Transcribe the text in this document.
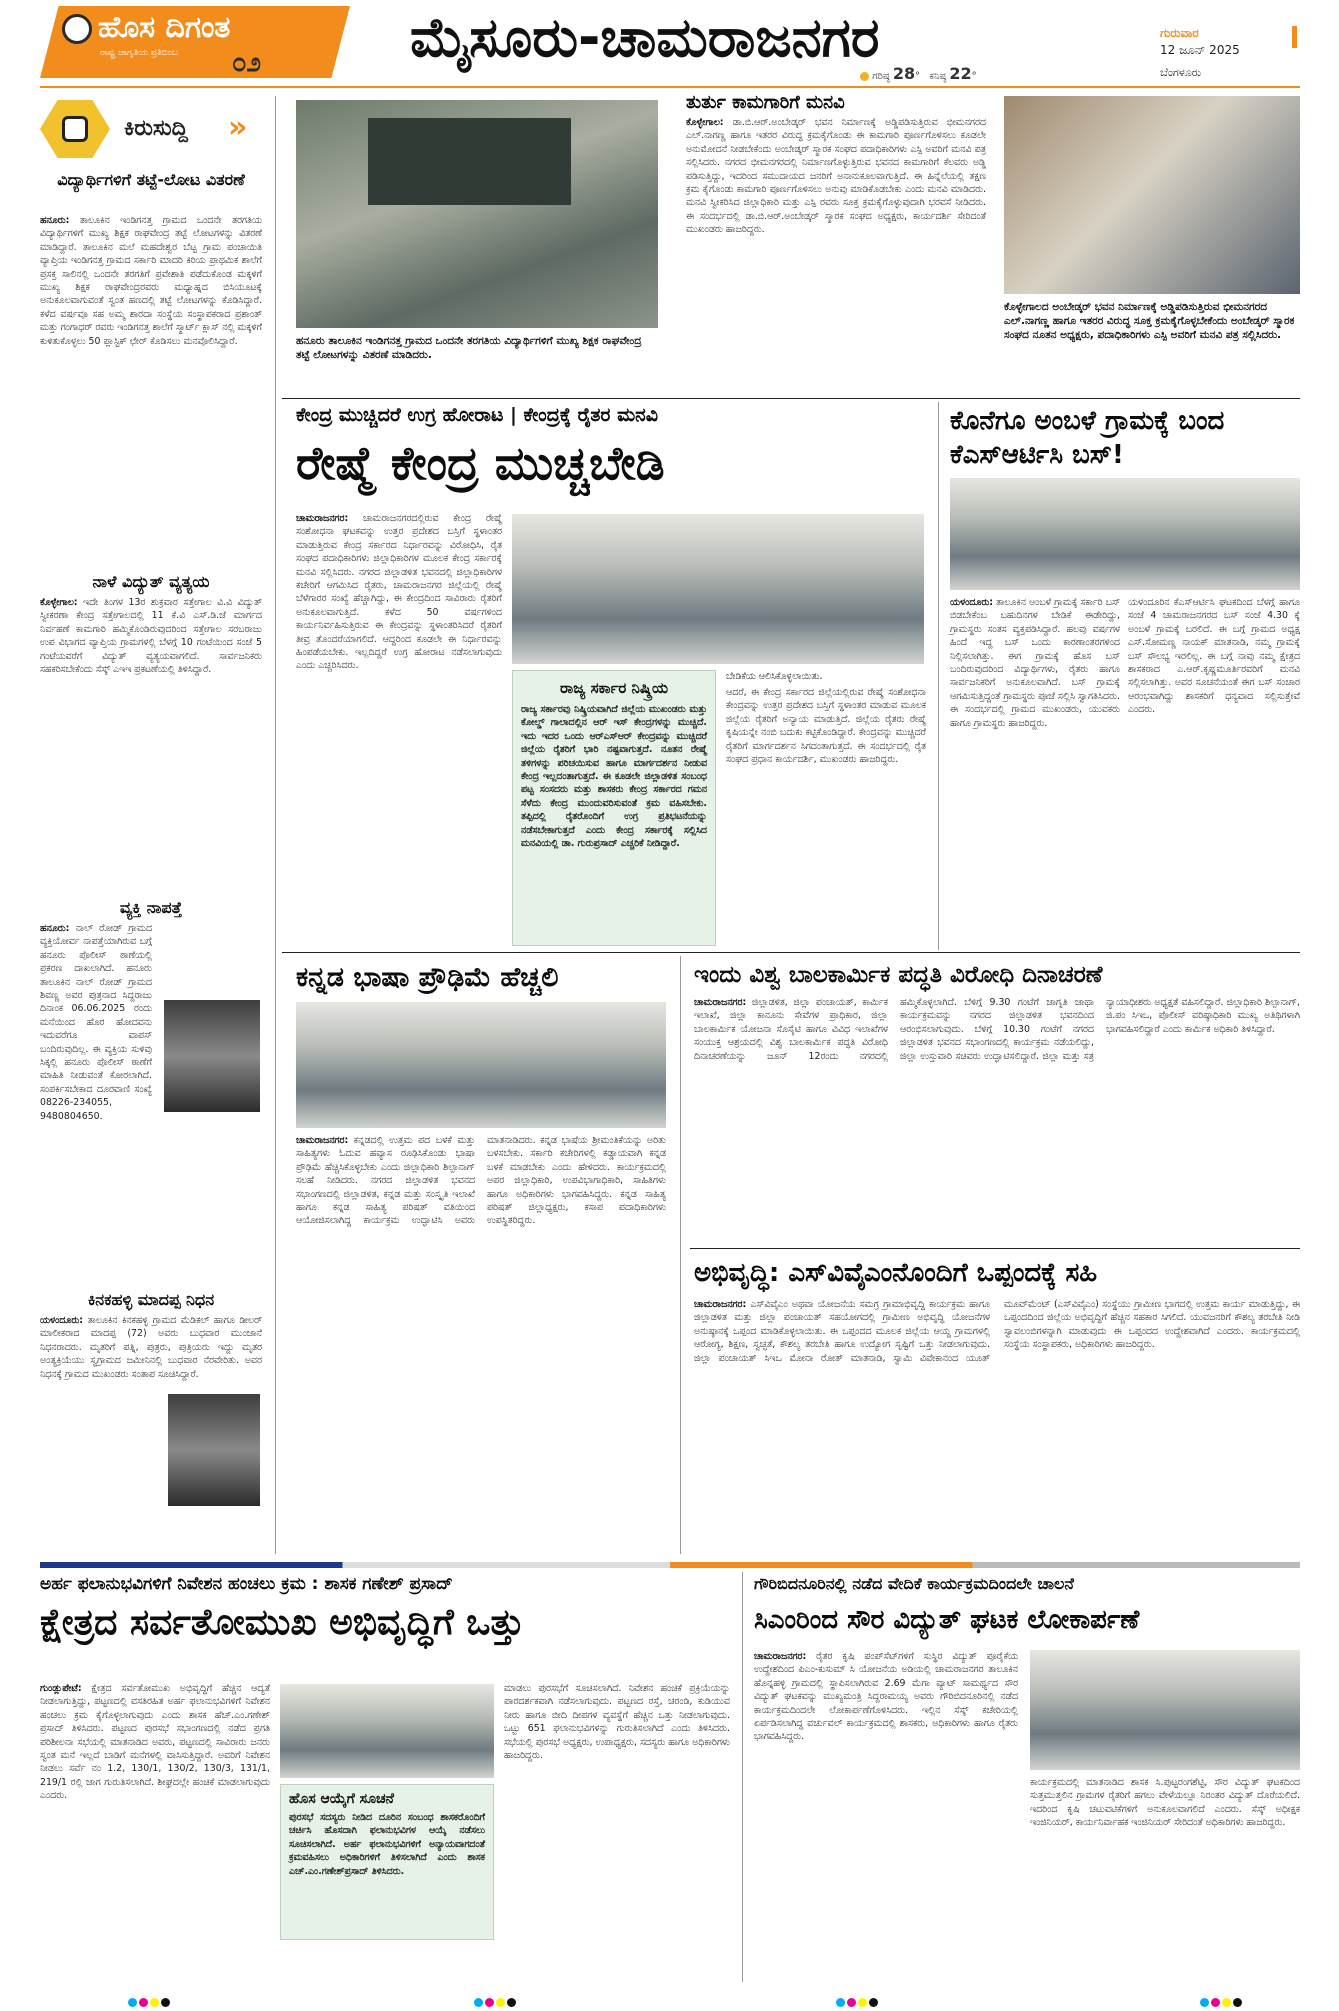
ಹೊಸ ದಿಗಂತ
ರಾಷ್ಟ್ರ ಜಾಗೃತಿಯ ಪ್ರತಿಬಿಂಬ ೦೨	ಮೈಸೂರು-ಚಾಮರಾಜನಗರ	ಗುರುವಾರ
12 ಜೂನ್ 2025
ಬೆಂಗಳೂರು
ಗರಿಷ್ಠ 28° ಕನಿಷ್ಠ 22°
ಕಿರುಸುದ್ದಿ »
ವಿದ್ಯಾರ್ಥಿಗಳಿಗೆ ತಟ್ಟೆ-ಲೋಟ ವಿತರಣೆ
ಹನೂರು: ತಾಲೂಕಿನ ಇಂಡಿಗನತ್ತ ಗ್ರಾಮದ ಒಂದನೇ ತರಗತಿಯ ವಿದ್ಯಾರ್ಥಿಗಳಿಗೆ ಮುಖ್ಯ ಶಿಕ್ಷಕ ರಾಘವೇಂದ್ರ ತಟ್ಟೆ ಲೋಟಗಳನ್ನು ವಿತರಣೆ ಮಾಡಿದ್ದಾರೆ. ತಾಲೂಕಿನ ಮಲೆ ಮಹದೇಶ್ವರ ಬೆಟ್ಟ ಗ್ರಾಮ ಪಂಚಾಯಿತಿ ವ್ಯಾಪ್ತಿಯ ಇಂಡಿಗನತ್ತ ಗ್ರಾಮದ ಸರ್ಕಾರಿ ಮಾದರಿ ಕಿರಿಯ ಪ್ರಾಥಮಿಕ ಶಾಲೆಗೆ ಪ್ರಸಕ್ತ ಸಾಲಿನಲ್ಲಿ ಒಂದನೇ ತರಗತಿಗೆ ಪ್ರವೇಶಾತಿ ಪಡೆದುಕೊಂಡ ಮಕ್ಕಳಿಗೆ ಮುಖ್ಯ ಶಿಕ್ಷಕ ರಾಘವೇಂದ್ರರವರು ಮಧ್ಯಾಹ್ನದ ಬಿಸಿಯೂಟಕ್ಕೆ ಅನುಕೂಲವಾಗುವಂತೆ ಸ್ವಂತ ಹಣದಲ್ಲಿ ತಟ್ಟೆ ಲೋಟಗಳನ್ನು ಕೊಡಿಸಿದ್ದಾರೆ. ಕಳೆದ ವರ್ಷವೂ ಸಹ ಅಮ್ಮ ಶಾರದಾ ಸಂಸ್ಥೆಯ ಸಂಸ್ಥಾಪಕರಾದ ಪ್ರಶಾಂತ್ ಮತ್ತು ಗಂಗಾಧರ್ ರವರು ಇಂಡಿಗನತ್ತ ಶಾಲೆಗೆ ಸ್ಮಾರ್ಟ್ ಕ್ಲಾಸ್ ನಲ್ಲಿ ಮಕ್ಕಳಿಗೆ ಕುಳಿತುಕೊಳ್ಳಲು 50 ಪ್ಲಾಸ್ಟಿಕ್ ಛೇರ್ ಕೊಡಿಸಲು ಮನವೊಲಿಸಿದ್ದಾರೆ.
ನಾಳೆ ವಿದ್ಯುತ್ ವ್ಯತ್ಯಯ
ಕೊಳ್ಳೇಗಾಲ: ಇದೇ ತಿಂಗಳ 13ರ ಶುಕ್ರವಾರ ಸತ್ತೇಗಾಲ ವಿ.ವಿ ವಿದ್ಯುತ್ ಸ್ವೀಕರಣಾ ಕೇಂದ್ರ ಸತ್ತೇಗಾಲದಲ್ಲಿ 11 ಕೆ.ವಿ ಎಸ್.ಡಿ.ಜೆ ಮಾರ್ಗದ ನಿರ್ವಹಣೆ ಕಾಮಗಾರಿ ಹಮ್ಮಿಕೊಂಡಿರುವುದರಿಂದ ಸತ್ತೇಗಾಲ ಸರಬರಾಜು ಉಪ ವಿಭಾಗದ ವ್ಯಾಪ್ತಿಯ ಗ್ರಾಮಗಳಲ್ಲಿ ಬೆಳಗ್ಗೆ 10 ಗಂಟೆಯಿಂದ ಸಂಜೆ 5 ಗಂಟೆಯವರೆಗೆ ವಿದ್ಯುತ್ ವ್ಯತ್ಯಯವಾಗಲಿದೆ. ಸಾರ್ವಜನಿಕರು ಸಹಕರಿಸಬೇಕೆಂದು ಸೆಸ್ಕ್ ಎಇಇ ಪ್ರಕಟಣೆಯಲ್ಲಿ ತಿಳಿಸಿದ್ದಾರೆ.
ವ್ಯಕ್ತಿ ನಾಪತ್ತೆ
ಹನೂರು: ನಾಲ್ ರೋಡ್ ಗ್ರಾಮದ ವ್ಯಕ್ತಿಯೋರ್ವ ನಾಪತ್ತೆಯಾಗಿರುವ ಬಗ್ಗೆ ಹನೂರು ಪೊಲೀಸ್ ಠಾಣೆಯಲ್ಲಿ ಪ್ರಕರಣ ದಾಖಲಾಗಿದೆ. ಹನೂರು ತಾಲೂಕಿನ ನಾಲ್ ರೋಡ್ ಗ್ರಾಮದ ಶಿವಣ್ಣ ಅವರ ಪುತ್ರನಾದ ಸಿದ್ದರಾಜು ದಿನಾಂಕ 06.06.2025 ರಂದು ಮನೆಯಿಂದ ಹೊರ ಹೋದವನು ಇದುವರೆಗೂ ವಾಪಸ್ ಬಂದಿರುವುದಿಲ್ಲ. ಈ ವ್ಯಕ್ತಿಯ ಸುಳಿವು ಸಿಕ್ಕಲ್ಲಿ ಹನೂರು ಪೊಲೀಸ್ ಠಾಣೆಗೆ ಮಾಹಿತಿ ನೀಡುವಂತೆ ಕೋರಲಾಗಿದೆ. ಸಂಪರ್ಕಿಸಬೇಕಾದ ದೂರವಾಣಿ ಸಂಖ್ಯೆ 08226-234055, 9480804650.
ಕಿನಕಹಳ್ಳಿ ಮಾದಪ್ಪ ನಿಧನ
ಯಳಂದೂರು: ತಾಲೂಕಿನ ಕಿನಕಹಳ್ಳಿ ಗ್ರಾಮದ ಮೆಡಿಕಲ್ ಹಾಗೂ ಡೀಲರ್ ಮಾಲೀಕರಾದ ಮಾದಪ್ಪ (72) ಅವರು ಬುಧವಾರ ಮುಂಜಾನೆ ನಿಧನರಾದರು. ಮೃತರಿಗೆ ಪತ್ನಿ, ಪುತ್ರರು, ಪುತ್ರಿಯರು ಇದ್ದು ಮೃತರ ಅಂತ್ಯಕ್ರಿಯೆಯು ಸ್ವಗ್ರಾಮದ ಜಮೀನಿನಲ್ಲಿ ಬುಧವಾರ ನೆರವೇರಿತು. ಅವರ ನಿಧನಕ್ಕೆ ಗ್ರಾಮದ ಮುಖಂಡರು ಸಂತಾಪ ಸೂಚಿಸಿದ್ದಾರೆ.
ಹನೂರು ತಾಲೂಕಿನ ಇಂಡಿಗನತ್ತ ಗ್ರಾಮದ ಒಂದನೇ ತರಗತಿಯ ವಿದ್ಯಾರ್ಥಿಗಳಿಗೆ ಮುಖ್ಯ ಶಿಕ್ಷಕ ರಾಘವೇಂದ್ರ ತಟ್ಟೆ ಲೋಟಗಳನ್ನು ವಿತರಣೆ ಮಾಡಿದರು.
ತುರ್ತು ಕಾಮಗಾರಿಗೆ ಮನವಿ
ಕೊಳ್ಳೇಗಾಲ: ಡಾ.ಬಿ.ಆರ್.ಅಂಬೇಡ್ಕರ್ ಭವನ ನಿರ್ಮಾಣಕ್ಕೆ ಅಡ್ಡಿಪಡಿಸುತ್ತಿರುವ ಭೀಮನಗರದ ಎಲ್.ನಾಗಣ್ಣ ಹಾಗೂ ಇತರರ ವಿರುದ್ಧ ಕ್ರಮಕೈಗೊಂಡು ಈ ಕಾಮಗಾರಿ ಪೂರ್ಣಗೊಳಿಸಲು ಕೂಡಲೇ ಅನುಮೋದನೆ ನೀಡಬೇಕೆಂದು ಅಂಬೇಡ್ಕರ್ ಸ್ಮಾರಕ ಸಂಘದ ಪದಾಧಿಕಾರಿಗಳು ಎಸ್ಪಿ ಅವರಿಗೆ ಮನವಿ ಪತ್ರ ಸಲ್ಲಿಸಿದರು. ನಗರದ ಭೀಮನಗರದಲ್ಲಿ ನಿರ್ಮಾಣಗೊಳ್ಳುತ್ತಿರುವ ಭವನದ ಕಾಮಗಾರಿಗೆ ಕೆಲವರು ಅಡ್ಡಿ ಪಡಿಸುತ್ತಿದ್ದು, ಇದರಿಂದ ಸಮುದಾಯದ ಜನರಿಗೆ ಅನಾನುಕೂಲವಾಗುತ್ತಿದೆ. ಈ ಹಿನ್ನೆಲೆಯಲ್ಲಿ ತಕ್ಷಣ ಕ್ರಮ ಕೈಗೊಂಡು ಕಾಮಗಾರಿ ಪೂರ್ಣಗೊಳಿಸಲು ಅನುವು ಮಾಡಿಕೊಡಬೇಕು ಎಂದು ಮನವಿ ಮಾಡಿದರು. ಮನವಿ ಸ್ವೀಕರಿಸಿದ ಜಿಲ್ಲಾಧಿಕಾರಿ ಮತ್ತು ಎಸ್ಪಿ ರವರು ಸೂಕ್ತ ಕ್ರಮಕೈಗೊಳ್ಳುವುದಾಗಿ ಭರವಸೆ ನೀಡಿದರು. ಈ ಸಂದರ್ಭದಲ್ಲಿ ಡಾ.ಬಿ.ಆರ್.ಅಂಬೇಡ್ಕರ್ ಸ್ಮಾರಕ ಸಂಘದ ಅಧ್ಯಕ್ಷರು, ಕಾರ್ಯದರ್ಶಿ ಸೇರಿದಂತೆ ಮುಖಂಡರು ಹಾಜರಿದ್ದರು.
ಕೊಳ್ಳೇಗಾಲದ ಅಂಬೇಡ್ಕರ್ ಭವನ ನಿರ್ಮಾಣಕ್ಕೆ ಅಡ್ಡಿಪಡಿಸುತ್ತಿರುವ ಭೀಮನಗರದ ಎಲ್.ನಾಗಣ್ಣ ಹಾಗೂ ಇತರರ ವಿರುದ್ಧ ಸೂಕ್ತ ಕ್ರಮಕೈಗೊಳ್ಳಬೇಕೆಂದು ಅಂಬೇಡ್ಕರ್ ಸ್ಮಾರಕ ಸಂಘದ ನೂತನ ಅಧ್ಯಕ್ಷರು, ಪದಾಧಿಕಾರಿಗಳು ಎಸ್ಪಿ ಅವರಿಗೆ ಮನವಿ ಪತ್ರ ಸಲ್ಲಿಸಿದರು.
ಕೇಂದ್ರ ಮುಚ್ಚಿದರೆ ಉಗ್ರ ಹೋರಾಟ | ಕೇಂದ್ರಕ್ಕೆ ರೈತರ ಮನವಿ
ರೇಷ್ಮೆ ಕೇಂದ್ರ ಮುಚ್ಚಬೇಡಿ
ಚಾಮರಾಜನಗರ: ಚಾಮರಾಜನಗರದಲ್ಲಿರುವ ಕೇಂದ್ರ ರೇಷ್ಮೆ ಸಂಶೋಧನಾ ಘಟಕವನ್ನು ಉತ್ತರ ಪ್ರದೇಶದ ಬಸ್ತಿಗೆ ಸ್ಥಳಾಂತರ ಮಾಡುತ್ತಿರುವ ಕೇಂದ್ರ ಸರ್ಕಾರದ ನಿರ್ಧಾರವನ್ನು ವಿರೋಧಿಸಿ, ರೈತ ಸಂಘದ ಪದಾಧಿಕಾರಿಗಳು ಜಿಲ್ಲಾಧಿಕಾರಿಗಳ ಮೂಲಕ ಕೇಂದ್ರ ಸರ್ಕಾರಕ್ಕೆ ಮನವಿ ಸಲ್ಲಿಸಿದರು. ನಗರದ ಜಿಲ್ಲಾಡಳಿತ ಭವನದಲ್ಲಿ ಜಿಲ್ಲಾಧಿಕಾರಿಗಳ ಕಚೇರಿಗೆ ಆಗಮಿಸಿದ ರೈತರು, ಚಾಮರಾಜನಗರ ಜಿಲ್ಲೆಯಲ್ಲಿ ರೇಷ್ಮೆ ಬೆಳೆಗಾರರ ಸಂಖ್ಯೆ ಹೆಚ್ಚಾಗಿದ್ದು, ಈ ಕೇಂದ್ರದಿಂದ ಸಾವಿರಾರು ರೈತರಿಗೆ ಅನುಕೂಲವಾಗುತ್ತಿದೆ. ಕಳೆದ 50 ವರ್ಷಗಳಿಂದ ಕಾರ್ಯನಿರ್ವಹಿಸುತ್ತಿರುವ ಈ ಕೇಂದ್ರವನ್ನು ಸ್ಥಳಾಂತರಿಸಿದರೆ ರೈತರಿಗೆ ತೀವ್ರ ತೊಂದರೆಯಾಗಲಿದೆ. ಆದ್ದರಿಂದ ಕೂಡಲೇ ಈ ನಿರ್ಧಾರವನ್ನು ಹಿಂಪಡೆಯಬೇಕು. ಇಲ್ಲದಿದ್ದರೆ ಉಗ್ರ ಹೋರಾಟ ನಡೆಸಲಾಗುವುದು ಎಂದು ಎಚ್ಚರಿಸಿದರು.
ಬೇಡಿಕೆಯ ಆಲಿಸಿಕೊಳ್ಳಲಾಯಿತು.
ರಾಜ್ಯ ಸರ್ಕಾರ ನಿಷ್ಕ್ರಿಯ
ರಾಜ್ಯ ಸರ್ಕಾರವು ನಿಷ್ಕ್ರಿಯವಾಗಿದೆ ಜಿಲ್ಲೆಯ ಮುಖಂಡರು ಮತ್ತು ಕೋಲ್ಡ್ ಗಾಲಾದಲ್ಲಿನ ಆರ್ ಇಸ್ ಕೇಂದ್ರಗಳನ್ನು ಮುಚ್ಚಿದೆ. ಇದು ಇದರ ಒಂದು ಆರ್‌ಎಸ್‌ಆರ್ ಕೇಂದ್ರವನ್ನು ಮುಚ್ಚಿದರೆ ಜಿಲ್ಲೆಯ ರೈತರಿಗೆ ಭಾರಿ ನಷ್ಟವಾಗುತ್ತದೆ. ನೂತನ ರೇಷ್ಮೆ ತಳಿಗಳನ್ನು ಪರಿಚಯಿಸುವ ಹಾಗೂ ಮಾರ್ಗದರ್ಶನ ನೀಡುವ ಕೇಂದ್ರ ಇಲ್ಲದಂತಾಗುತ್ತದೆ. ಈ ಕೂಡಲೇ ಜಿಲ್ಲಾಡಳಿತ ಸಂಬಂಧ ಪಟ್ಟ ಸಂಸದರು ಮತ್ತು ಶಾಸಕರು ಕೇಂದ್ರ ಸರ್ಕಾರದ ಗಮನ ಸೆಳೆದು ಕೇಂದ್ರ ಮುಂದುವರಿಸುವಂತೆ ಕ್ರಮ ವಹಿಸಬೇಕು. ತಪ್ಪಿದಲ್ಲಿ ರೈತರೊಂದಿಗೆ ಉಗ್ರ ಪ್ರತಿಭಟನೆಯನ್ನು ನಡೆಸಬೇಕಾಗುತ್ತದೆ ಎಂದು ಕೇಂದ್ರ ಸರ್ಕಾರಕ್ಕೆ ಸಲ್ಲಿಸಿದ ಮನವಿಯಲ್ಲಿ ಡಾ. ಗುರುಪ್ರಸಾದ್ ಎಚ್ಚರಿಕೆ ನೀಡಿದ್ದಾರೆ.
ಆದರೆ, ಈ ಕೇಂದ್ರ ಸರ್ಕಾರದ ಜಿಲ್ಲೆಯಲ್ಲಿರುವ ರೇಷ್ಮೆ ಸಂಶೋಧನಾ ಕೇಂದ್ರವನ್ನು ಉತ್ತರ ಪ್ರದೇಶದ ಬಸ್ತಿಗೆ ಸ್ಥಳಾಂತರ ಮಾಡುವ ಮೂಲಕ ಜಿಲ್ಲೆಯ ರೈತರಿಗೆ ಅನ್ಯಾಯ ಮಾಡುತ್ತಿದೆ. ಜಿಲ್ಲೆಯ ರೈತರು ರೇಷ್ಮೆ ಕೃಷಿಯನ್ನೇ ನಂಬಿ ಬದುಕು ಕಟ್ಟಿಕೊಂಡಿದ್ದಾರೆ. ಕೇಂದ್ರವನ್ನು ಮುಚ್ಚಿದರೆ ರೈತರಿಗೆ ಮಾರ್ಗದರ್ಶನ ಸಿಗದಂತಾಗುತ್ತದೆ. ಈ ಸಂದರ್ಭದಲ್ಲಿ ರೈತ ಸಂಘದ ಪ್ರಧಾನ ಕಾರ್ಯದರ್ಶಿ, ಮುಖಂಡರು ಹಾಜರಿದ್ದರು.
ಕೊನೆಗೂ ಅಂಬಳೆ ಗ್ರಾಮಕ್ಕೆ ಬಂದ ಕೆಎಸ್ಆರ್ಟಿಸಿ ಬಸ್!
ಯಳಂದೂರು: ತಾಲೂಕಿನ ಅಂಬಳೆ ಗ್ರಾಮಕ್ಕೆ ಸರ್ಕಾರಿ ಬಸ್ ಬಿಡಬೇಕೆಂಬ ಬಹುದಿನಗಳ ಬೇಡಿಕೆ ಈಡೇರಿದ್ದು, ಗ್ರಾಮಸ್ಥರು ಸಂತಸ ವ್ಯಕ್ತಪಡಿಸಿದ್ದಾರೆ. ಹಲವು ವರ್ಷಗಳ ಹಿಂದೆ ಇದ್ದ ಬಸ್ ಒಂದು ಕಾರಣಾಂತರಗಳಿಂದ ನಿಲ್ಲಿಸಲಾಗಿತ್ತು. ಈಗ ಗ್ರಾಮಕ್ಕೆ ಹೊಸ ಬಸ್ ಬಂದಿರುವುದರಿಂದ ವಿದ್ಯಾರ್ಥಿಗಳು, ರೈತರು ಹಾಗೂ ಸಾರ್ವಜನಿಕರಿಗೆ ಅನುಕೂಲವಾಗಿದೆ. ಬಸ್ ಗ್ರಾಮಕ್ಕೆ ಆಗಮಿಸುತ್ತಿದ್ದಂತೆ ಗ್ರಾಮಸ್ಥರು ಪೂಜೆ ಸಲ್ಲಿಸಿ ಸ್ವಾಗತಿಸಿದರು. ಈ ಸಂದರ್ಭದಲ್ಲಿ ಗ್ರಾಮದ ಮುಖಂಡರು, ಯುವಕರು ಹಾಗೂ ಗ್ರಾಮಸ್ಥರು ಹಾಜರಿದ್ದರು.
ಯಳಂದೂರಿನ ಕೆಎಸ್ಆರ್ಟಿಸಿ ಘಟಕದಿಂದ ಬೆಳಗ್ಗೆ ಹಾಗೂ ಸಂಜೆ 4 ಚಾಮರಾಜನಗರದ ಬಸ್ ಸಂಜೆ 4.30 ಕ್ಕೆ ಅಂಬಳೆ ಗ್ರಾಮಕ್ಕೆ ಬರಲಿದೆ. ಈ ಬಗ್ಗೆ ಗ್ರಾಮದ ಅಧ್ಯಕ್ಷ ಎಸ್.ಸೋಮಣ್ಣ ನಾಯಕ್ ಮಾತನಾಡಿ, ನಮ್ಮ ಗ್ರಾಮಕ್ಕೆ ಬಸ್ ಸೌಲಭ್ಯ ಇರಲಿಲ್ಲ. ಈ ಬಗ್ಗೆ ನಾವು ನಮ್ಮ ಕ್ಷೇತ್ರದ ಶಾಸಕರಾದ ಎ.ಆರ್.ಕೃಷ್ಣಮೂರ್ತಿರವರಿಗೆ ಮನವಿ ಸಲ್ಲಿಸಲಾಗಿತ್ತು. ಅವರ ಸೂಚನೆಯಂತೆ ಈಗ ಬಸ್ ಸಂಚಾರ ಆರಂಭವಾಗಿದ್ದು ಶಾಸಕರಿಗೆ ಧನ್ಯವಾದ ಸಲ್ಲಿಸುತ್ತೇವೆ ಎಂದರು.
ಕನ್ನಡ ಭಾಷಾ ಪ್ರೌಢಿಮೆ ಹೆಚ್ಚಲಿ
ಚಾಮರಾಜನಗರ: ಕನ್ನಡದಲ್ಲಿ ಉತ್ತಮ ಪದ ಬಳಕೆ ಮತ್ತು ಸಾಹಿತ್ಯಗಳು ಓದುವ ಹವ್ಯಾಸ ರೂಢಿಸಿಕೊಂಡು ಭಾಷಾ ಪ್ರೌಢಿಮೆ ಹೆಚ್ಚಿಸಿಕೊಳ್ಳಬೇಕು ಎಂದು ಜಿಲ್ಲಾಧಿಕಾರಿ ಶಿಲ್ಪಾನಾಗ್ ಸಲಹೆ ನೀಡಿದರು. ನಗರದ ಜಿಲ್ಲಾಡಳಿತ ಭವನದ ಸಭಾಂಗಣದಲ್ಲಿ ಜಿಲ್ಲಾಡಳಿತ, ಕನ್ನಡ ಮತ್ತು ಸಂಸ್ಕೃತಿ ಇಲಾಖೆ ಹಾಗೂ ಕನ್ನಡ ಸಾಹಿತ್ಯ ಪರಿಷತ್ ವತಿಯಿಂದ ಆಯೋಜಿಸಲಾಗಿದ್ದ ಕಾರ್ಯಕ್ರಮ ಉದ್ಘಾಟಿಸಿ ಅವರು ಮಾತನಾಡಿದರು. ಕನ್ನಡ ಭಾಷೆಯ ಶ್ರೀಮಂತಿಕೆಯನ್ನು ಅರಿತು ಬಳಸಬೇಕು. ಸರ್ಕಾರಿ ಕಚೇರಿಗಳಲ್ಲಿ ಕಡ್ಡಾಯವಾಗಿ ಕನ್ನಡ ಬಳಕೆ ಮಾಡಬೇಕು ಎಂದು ಹೇಳಿದರು. ಕಾರ್ಯಕ್ರಮದಲ್ಲಿ ಅಪರ ಜಿಲ್ಲಾಧಿಕಾರಿ, ಉಪವಿಭಾಗಾಧಿಕಾರಿ, ಸಾಹಿತಿಗಳು ಹಾಗೂ ಅಧಿಕಾರಿಗಳು ಭಾಗವಹಿಸಿದ್ದರು. ಕನ್ನಡ ಸಾಹಿತ್ಯ ಪರಿಷತ್ ಜಿಲ್ಲಾಧ್ಯಕ್ಷರು, ಕಸಾಪ ಪದಾಧಿಕಾರಿಗಳು ಉಪಸ್ಥಿತರಿದ್ದರು.
ಇಂದು ವಿಶ್ವ ಬಾಲಕಾರ್ಮಿಕ ಪದ್ಧತಿ ವಿರೋಧಿ ದಿನಾಚರಣೆ
ಚಾಮರಾಜನಗರ: ಜಿಲ್ಲಾಡಳಿತ, ಜಿಲ್ಲಾ ಪಂಚಾಯತ್, ಕಾರ್ಮಿಕ ಇಲಾಖೆ, ಜಿಲ್ಲಾ ಕಾನೂನು ಸೇವೆಗಳ ಪ್ರಾಧಿಕಾರ, ಜಿಲ್ಲಾ ಬಾಲಕಾರ್ಮಿಕ ಯೋಜನಾ ಸೊಸೈಟಿ ಹಾಗೂ ವಿವಿಧ ಇಲಾಖೆಗಳ ಸಂಯುಕ್ತ ಆಶ್ರಯದಲ್ಲಿ ವಿಶ್ವ ಬಾಲಕಾರ್ಮಿಕ ಪದ್ಧತಿ ವಿರೋಧಿ ದಿನಾಚರಣೆಯನ್ನು ಜೂನ್ 12ರಂದು ನಗರದಲ್ಲಿ ಹಮ್ಮಿಕೊಳ್ಳಲಾಗಿದೆ. ಬೆಳಿಗ್ಗೆ 9.30 ಗಂಟೆಗೆ ಜಾಗೃತಿ ಜಾಥಾ ಕಾರ್ಯಕ್ರಮವನ್ನು ನಗರದ ಜಿಲ್ಲಾಡಳಿತ ಭವನದಿಂದ ಆರಂಭಿಸಲಾಗುವುದು. ಬೆಳಿಗ್ಗೆ 10.30 ಗಂಟೆಗೆ ನಗರದ ಜಿಲ್ಲಾಡಳಿತ ಭವನದ ಸಭಾಂಗಣದಲ್ಲಿ ಕಾರ್ಯಕ್ರಮ ನಡೆಯಲಿದ್ದು, ಜಿಲ್ಲಾ ಉಸ್ತುವಾರಿ ಸಚಿವರು ಉದ್ಘಾಟಿಸಲಿದ್ದಾರೆ. ಜಿಲ್ಲಾ ಮತ್ತು ಸತ್ರ ನ್ಯಾಯಾಧೀಶರು ಅಧ್ಯಕ್ಷತೆ ವಹಿಸಲಿದ್ದಾರೆ. ಜಿಲ್ಲಾಧಿಕಾರಿ ಶಿಲ್ಪಾನಾಗ್, ಜಿ.ಪಂ ಸಿಇಒ, ಪೊಲೀಸ್ ವರಿಷ್ಠಾಧಿಕಾರಿ ಮುಖ್ಯ ಅತಿಥಿಗಳಾಗಿ ಭಾಗವಹಿಸಲಿದ್ದಾರೆ ಎಂದು ಕಾರ್ಮಿಕ ಅಧಿಕಾರಿ ತಿಳಿಸಿದ್ದಾರೆ.
ಅಭಿವೃದ್ಧಿ: ಎಸ್‌ವಿವೈಎಂನೊಂದಿಗೆ ಒಪ್ಪಂದಕ್ಕೆ ಸಹಿ
ಚಾಮರಾಜನಗರ: ಎಸ್‌ವಿವೈಎಂ ಅಥವಾ ಯೋಜನೆಯ ಸಮಗ್ರ ಗ್ರಾಮಾಭಿವೃದ್ಧಿ ಕಾರ್ಯಕ್ರಮ ಹಾಗೂ ಜಿಲ್ಲಾಡಳಿತ ಮತ್ತು ಜಿಲ್ಲಾ ಪಂಚಾಯತ್ ಸಹಯೋಗದಲ್ಲಿ ಗ್ರಾಮೀಣ ಅಭಿವೃದ್ಧಿ ಯೋಜನೆಗಳ ಅನುಷ್ಠಾನಕ್ಕೆ ಒಪ್ಪಂದ ಮಾಡಿಕೊಳ್ಳಲಾಯಿತು. ಈ ಒಪ್ಪಂದದ ಮೂಲಕ ಜಿಲ್ಲೆಯ ಆಯ್ದ ಗ್ರಾಮಗಳಲ್ಲಿ ಆರೋಗ್ಯ, ಶಿಕ್ಷಣ, ಸ್ವಚ್ಛತೆ, ಕೌಶಲ್ಯ ತರಬೇತಿ ಹಾಗೂ ಉದ್ಯೋಗ ಸೃಷ್ಟಿಗೆ ಒತ್ತು ನೀಡಲಾಗುವುದು. ಜಿಲ್ಲಾ ಪಂಚಾಯತ್ ಸಿಇಒ ಮೋನಾ ರೋತ್ ಮಾತನಾಡಿ, ಸ್ವಾಮಿ ವಿವೇಕಾನಂದ ಯೂತ್ ಮೂವ್‌ಮೆಂಟ್ (ಎಸ್‌ವಿವೈಎಂ) ಸಂಸ್ಥೆಯು ಗ್ರಾಮೀಣ ಭಾಗದಲ್ಲಿ ಉತ್ತಮ ಕಾರ್ಯ ಮಾಡುತ್ತಿದ್ದು, ಈ ಒಪ್ಪಂದದಿಂದ ಜಿಲ್ಲೆಯ ಅಭಿವೃದ್ಧಿಗೆ ಹೆಚ್ಚಿನ ಸಹಕಾರ ಸಿಗಲಿದೆ. ಯುವಜನರಿಗೆ ಕೌಶಲ್ಯ ತರಬೇತಿ ನೀಡಿ ಸ್ವಾವಲಂಬಿಗಳನ್ನಾಗಿ ಮಾಡುವುದು ಈ ಒಪ್ಪಂದದ ಉದ್ದೇಶವಾಗಿದೆ ಎಂದರು. ಕಾರ್ಯಕ್ರಮದಲ್ಲಿ ಸಂಸ್ಥೆಯ ಸಂಸ್ಥಾಪಕರು, ಅಧಿಕಾರಿಗಳು ಹಾಜರಿದ್ದರು.
ಅರ್ಹ ಫಲಾನುಭವಿಗಳಿಗೆ ನಿವೇಶನ ಹಂಚಲು ಕ್ರಮ : ಶಾಸಕ ಗಣೇಶ್ ಪ್ರಸಾದ್
ಕ್ಷೇತ್ರದ ಸರ್ವತೋಮುಖ ಅಭಿವೃದ್ಧಿಗೆ ಒತ್ತು
ಗುಂಡ್ಲುಪೇಟೆ: ಕ್ಷೇತ್ರದ ಸರ್ವತೋಮುಖ ಅಭಿವೃದ್ಧಿಗೆ ಹೆಚ್ಚಿನ ಆದ್ಯತೆ ನೀಡಲಾಗುತ್ತಿದ್ದು, ಪಟ್ಟಣದಲ್ಲಿ ವಸತಿರಹಿತ ಅರ್ಹ ಫಲಾನುಭವಿಗಳಿಗೆ ನಿವೇಶನ ಹಂಚಲು ಕ್ರಮ ಕೈಗೊಳ್ಳಲಾಗುವುದು ಎಂದು ಶಾಸಕ ಹೆಚ್.ಎಂ.ಗಣೇಶ್ ಪ್ರಸಾದ್ ತಿಳಿಸಿದರು. ಪಟ್ಟಣದ ಪುರಸಭೆ ಸಭಾಂಗಣದಲ್ಲಿ ನಡೆದ ಪ್ರಗತಿ ಪರಿಶೀಲನಾ ಸಭೆಯಲ್ಲಿ ಮಾತನಾಡಿದ ಅವರು, ಪಟ್ಟಣದಲ್ಲಿ ಸಾವಿರಾರು ಜನರು ಸ್ವಂತ ಮನೆ ಇಲ್ಲದೆ ಬಾಡಿಗೆ ಮನೆಗಳಲ್ಲಿ ವಾಸಿಸುತ್ತಿದ್ದಾರೆ. ಅವರಿಗೆ ನಿವೇಶನ ನೀಡಲು ಸರ್ವೆ ನಂ 1.2, 130/1, 130/2, 130/3, 131/1, 219/1 ರಲ್ಲಿ ಜಾಗ ಗುರುತಿಸಲಾಗಿದೆ. ಶೀಘ್ರದಲ್ಲೇ ಹಂಚಿಕೆ ಮಾಡಲಾಗುವುದು ಎಂದರು.	ಹೊಸ ಆಯ್ಕೆಗೆ ಸೂಚನೆ
ಪುರಸಭೆ ಸದಸ್ಯರು ನೀಡಿದ ದೂರಿನ ಸಂಬಂಧ ಶಾಸಕರೊಂದಿಗೆ ಚರ್ಚಿಸಿ ಹೊಸದಾಗಿ ಫಲಾನುಭವಿಗಳ ಆಯ್ಕೆ ನಡೆಸಲು ಸೂಚಿಸಲಾಗಿದೆ. ಅರ್ಹ ಫಲಾನುಭವಿಗಳಿಗೆ ಅನ್ಯಾಯವಾಗದಂತೆ ಕ್ರಮವಹಿಸಲು ಅಧಿಕಾರಿಗಳಿಗೆ ತಿಳಿಸಲಾಗಿದೆ ಎಂದು ಶಾಸಕ ಎಚ್.ಎಂ.ಗಣೇಶ್‌ಪ್ರಸಾದ್ ತಿಳಿಸಿದರು.
ಮಾಡಲು ಪುರಸಭೆಗೆ ಸೂಚಿಸಲಾಗಿದೆ. ನಿವೇಶನ ಹಂಚಿಕೆ ಪ್ರಕ್ರಿಯೆಯನ್ನು ಪಾರದರ್ಶಕವಾಗಿ ನಡೆಸಲಾಗುವುದು. ಪಟ್ಟಣದ ರಸ್ತೆ, ಚರಂಡಿ, ಕುಡಿಯುವ ನೀರು ಹಾಗೂ ಬೀದಿ ದೀಪಗಳ ವ್ಯವಸ್ಥೆಗೆ ಹೆಚ್ಚಿನ ಒತ್ತು ನೀಡಲಾಗುವುದು. ಒಟ್ಟು 651 ಫಲಾನುಭವಿಗಳನ್ನು ಗುರುತಿಸಲಾಗಿದೆ ಎಂದು ತಿಳಿಸಿದರು. ಸಭೆಯಲ್ಲಿ ಪುರಸಭೆ ಅಧ್ಯಕ್ಷರು, ಉಪಾಧ್ಯಕ್ಷರು, ಸದಸ್ಯರು ಹಾಗೂ ಅಧಿಕಾರಿಗಳು ಹಾಜರಿದ್ದರು.
ಗೌರಿಬಿದನೂರಿನಲ್ಲಿ ನಡೆದ ವೇದಿಕೆ ಕಾರ್ಯಕ್ರಮದಿಂದಲೇ ಚಾಲನೆ
ಸಿಎಂರಿಂದ ಸೌರ ವಿದ್ಯುತ್ ಘಟಕ ಲೋಕಾರ್ಪಣೆ
ಚಾಮರಾಜನಗರ: ರೈತರ ಕೃಷಿ ಪಂಪ್‌ಸೆಟ್‌ಗಳಿಗೆ ಸುಸ್ಥಿರ ವಿದ್ಯುತ್ ಪೂರೈಕೆಯ ಉದ್ದೇಶದಿಂದ ಪಿಎಂ-ಕುಸುಮ್ ಸಿ ಯೋಜನೆಯ ಅಡಿಯಲ್ಲಿ ಚಾಮರಾಜನಗರ ತಾಲೂಕಿನ ಹೊನ್ನಹಳ್ಳಿ ಗ್ರಾಮದಲ್ಲಿ ಸ್ಥಾಪಿಸಲಾಗಿರುವ 2.69 ಮೆಗಾ ವ್ಯಾಟ್ ಸಾಮರ್ಥ್ಯದ ಸೌರ ವಿದ್ಯುತ್ ಘಟಕವನ್ನು ಮುಖ್ಯಮಂತ್ರಿ ಸಿದ್ದರಾಮಯ್ಯ ಅವರು ಗೌರಿಬಿದನೂರಿನಲ್ಲಿ ನಡೆದ ಕಾರ್ಯಕ್ರಮದಿಂದಲೇ ಲೋಕಾರ್ಪಣೆಗೊಳಿಸಿದರು. ಇಲ್ಲಿನ ಸೆಸ್ಕ್ ಕಚೇರಿಯಲ್ಲಿ ಏರ್ಪಡಿಸಲಾಗಿದ್ದ ವರ್ಚುವಲ್ ಕಾರ್ಯಕ್ರಮದಲ್ಲಿ ಶಾಸಕರು, ಅಧಿಕಾರಿಗಳು ಹಾಗೂ ರೈತರು ಭಾಗವಹಿಸಿದ್ದರು.
ಕಾರ್ಯಕ್ರಮದಲ್ಲಿ ಮಾತನಾಡಿದ ಶಾಸಕ ಸಿ.ಪುಟ್ಟರಂಗಶೆಟ್ಟಿ, ಸೌರ ವಿದ್ಯುತ್ ಘಟಕದಿಂದ ಸುತ್ತಮುತ್ತಲಿನ ಗ್ರಾಮಗಳ ರೈತರಿಗೆ ಹಗಲು ವೇಳೆಯಲ್ಲೂ ನಿರಂತರ ವಿದ್ಯುತ್ ದೊರೆಯಲಿದೆ. ಇದರಿಂದ ಕೃಷಿ ಚಟುವಟಿಕೆಗಳಿಗೆ ಅನುಕೂಲವಾಗಲಿದೆ ಎಂದರು. ಸೆಸ್ಕ್ ಅಧೀಕ್ಷಕ ಇಂಜಿನಿಯರ್, ಕಾರ್ಯನಿರ್ವಾಹಕ ಇಂಜಿನಿಯರ್ ಸೇರಿದಂತೆ ಅಧಿಕಾರಿಗಳು ಹಾಜರಿದ್ದರು.
